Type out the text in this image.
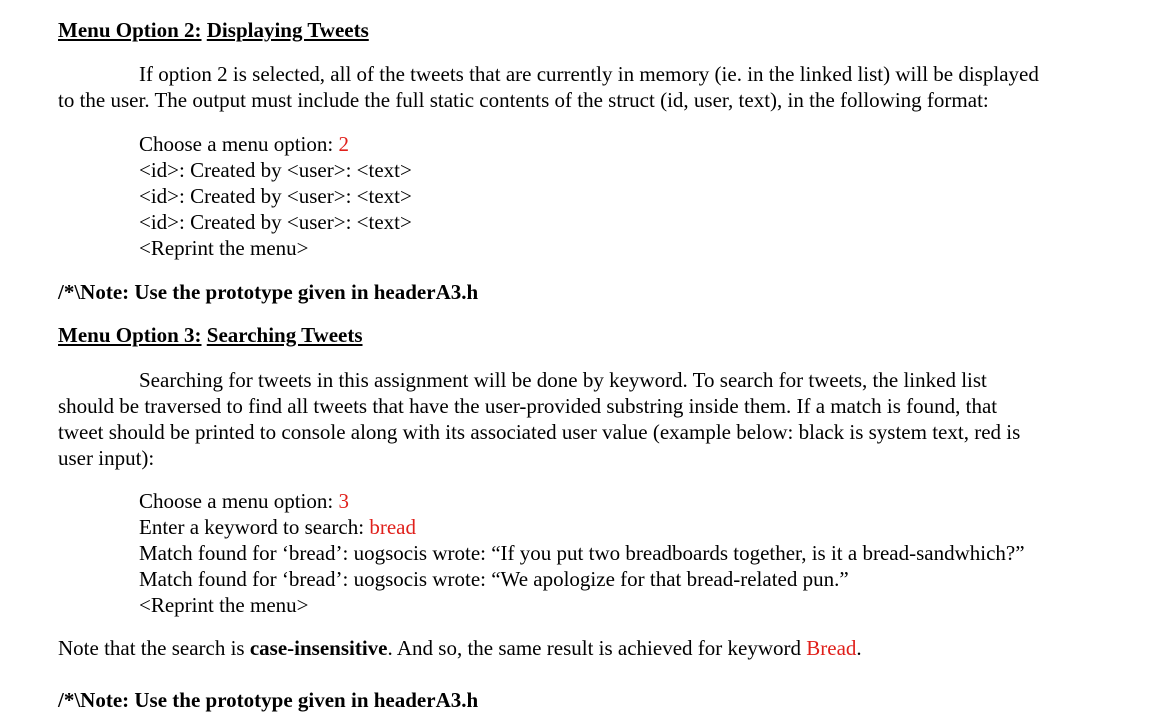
Menu Option 2: Displaying Tweets
If option 2 is selected, all of the tweets that are currently in memory (ie. in the linked list) will be displayed
to the user. The output must include the full static contents of the struct (id, user, text), in the following format:
Choose a menu option: 2
<id>: Created by <user>: <text>
<id>: Created by <user>: <text>
<id>: Created by <user>: <text>
<Reprint the menu>
/*\Note: Use the prototype given in headerA3.h
Menu Option 3: Searching Tweets
Searching for tweets in this assignment will be done by keyword. To search for tweets, the linked list
should be traversed to find all tweets that have the user-provided substring inside them. If a match is found, that
tweet should be printed to console along with its associated user value (example below: black is system text, red is
user input):
Choose a menu option: 3
Enter a keyword to search: bread
Match found for ‘bread’: uogsocis wrote: “If you put two breadboards together, is it a bread-sandwhich?”
Match found for ‘bread’: uogsocis wrote: “We apologize for that bread-related pun.”
<Reprint the menu>
Note that the search is case-insensitive. And so, the same result is achieved for keyword Bread.
/*\Note: Use the prototype given in headerA3.h
